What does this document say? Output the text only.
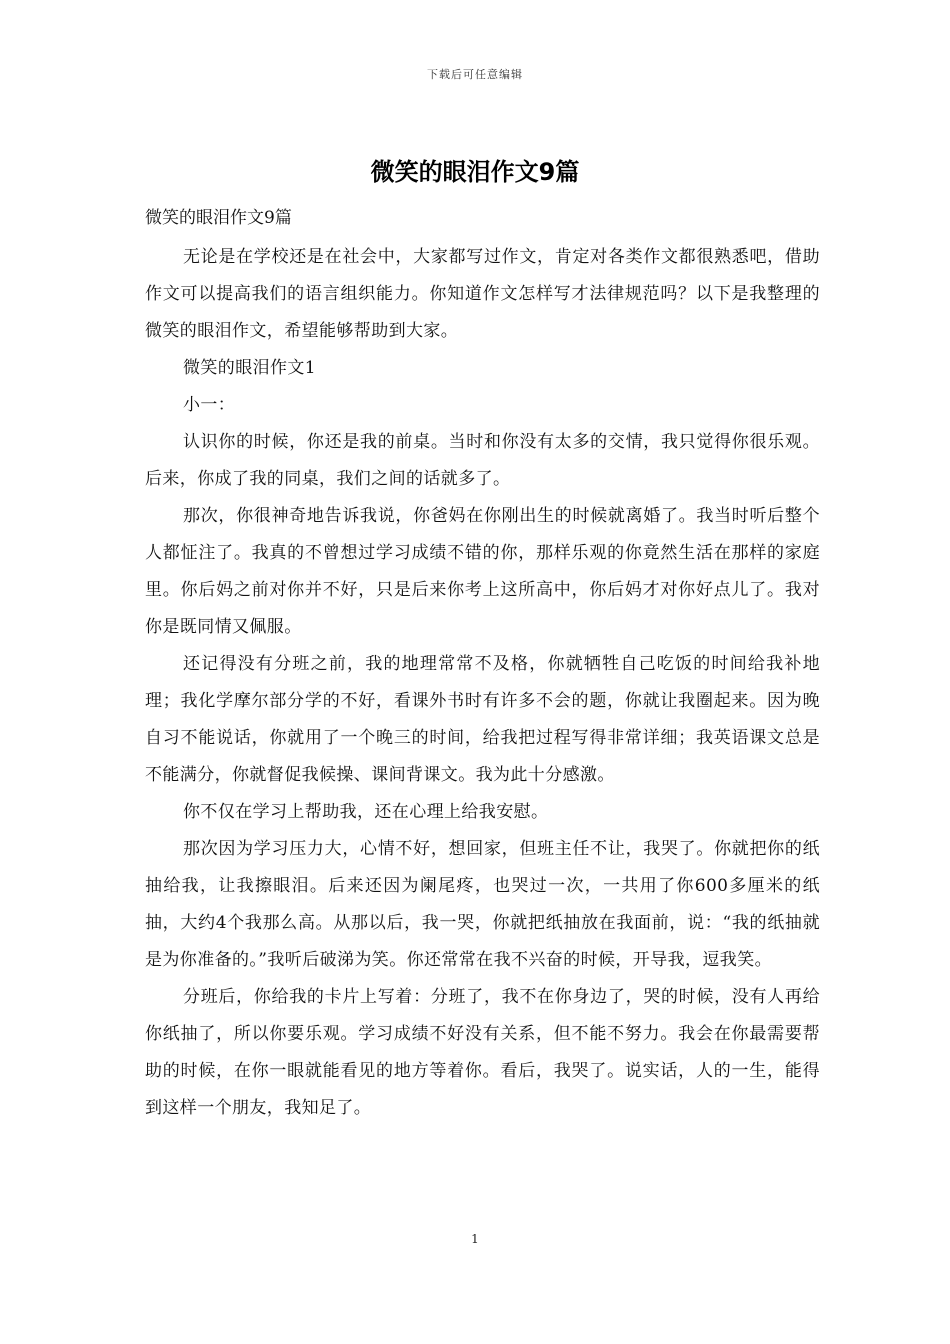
下载后可任意编辑
微笑的眼泪作文9篇

微笑的眼泪作文9篇

无论是在学校还是在社会中，大家都写过作文，肯定对各类作文都很熟悉吧，借助作文可以提高我们的语言组织能力。你知道作文怎样写才法律规范吗？以下是我整理的微笑的眼泪作文，希望能够帮助到大家。

微笑的眼泪作文1

小一：

认识你的时候，你还是我的前桌。当时和你没有太多的交情，我只觉得你很乐观。后来，你成了我的同桌，我们之间的话就多了。

那次，你很神奇地告诉我说，你爸妈在你刚出生的时候就离婚了。我当时听后整个人都怔注了。我真的不曾想过学习成绩不错的你，那样乐观的你竟然生活在那样的家庭里。你后妈之前对你并不好，只是后来你考上这所高中，你后妈才对你好点儿了。我对你是既同情又佩服。

还记得没有分班之前，我的地理常常不及格，你就牺牲自己吃饭的时间给我补地理；我化学摩尔部分学的不好，看课外书时有许多不会的题，你就让我圈起来。因为晚自习不能说话，你就用了一个晚三的时间，给我把过程写得非常详细；我英语课文总是不能满分，你就督促我候操、课间背课文。我为此十分感激。

你不仅在学习上帮助我，还在心理上给我安慰。

那次因为学习压力大，心情不好，想回家，但班主任不让，我哭了。你就把你的纸抽给我，让我擦眼泪。后来还因为阑尾疼，也哭过一次，一共用了你600多厘米的纸抽，大约4个我那么高。从那以后，我一哭，你就把纸抽放在我面前，说：“我的纸抽就是为你准备的。”我听后破涕为笑。你还常常在我不兴奋的时候，开导我，逗我笑。

分班后，你给我的卡片上写着：分班了，我不在你身边了，哭的时候，没有人再给你纸抽了，所以你要乐观。学习成绩不好没有关系，但不能不努力。我会在你最需要帮助的时候，在你一眼就能看见的地方等着你。看后，我哭了。说实话，人的一生，能得到这样一个朋友，我知足了。

1
